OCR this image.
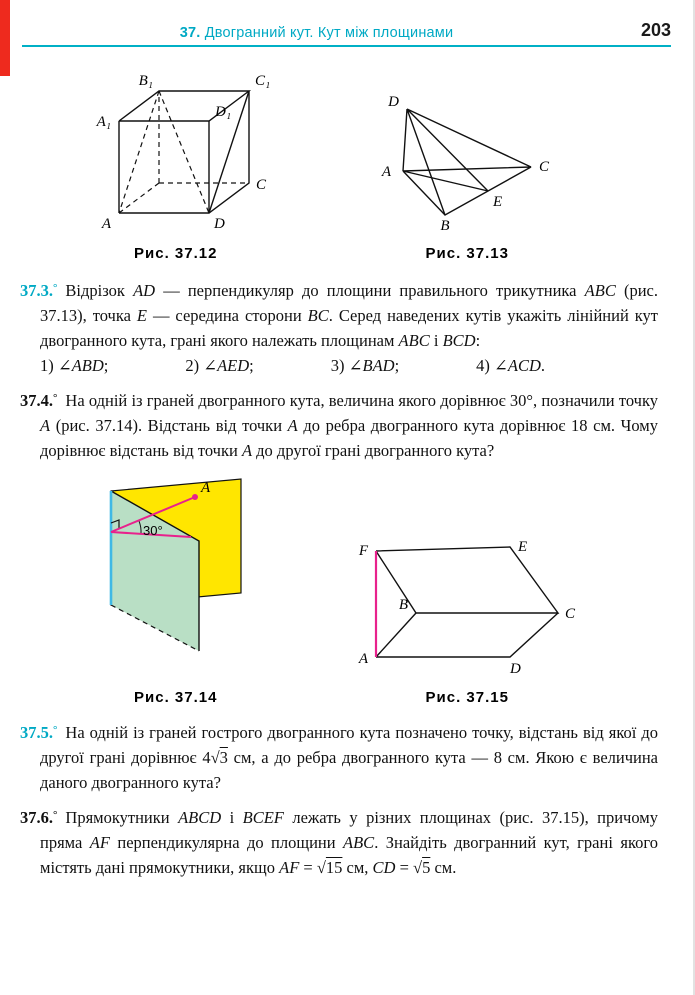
37. Двогранний кут. Кут між площинами	203
A₁
B₁	C₁
D₁
A	D
C
Рис. 37.12
D
A	C
B
E
Рис. 37.13

37.3.° Відрізок AD — перпендикуляр до площини правильного трикутника ABC (рис. 37.13), точка E — середина сторони BC. Серед наведених кутів укажіть лінійний кут двогранного кута, грані якого належать площинам ABC і BCD:

1) ∠ABD;	2) ∠AED;	3) ∠BAD;	4) ∠ACD.

37.4.° На одній із граней двогранного кута, величина якого дорівнює 30°, позначили точку A (рис. 37.14). Відстань від точки A до ребра двогранного кута дорівнює 18 см. Чому дорівнює відстань від точки A до другої грані двогранного кута?

30°
A
Рис. 37.14
F	E
B
C
A
D
Рис. 37.15

37.5.° На одній із граней гострого двогранного кута позначено точку, відстань від якої до другої грані дорівнює 4√3 см, а до ребра двогранного кута — 8 см. Якою є величина даного двогранного кута?

37.6.° Прямокутники ABCD і BCEF лежать у різних площинах (рис. 37.15), причому пряма AF перпендикулярна до площини ABC. Знайдіть двогранний кут, грані якого містять дані прямокутники, якщо AF = √15 см, CD = √5 см.
